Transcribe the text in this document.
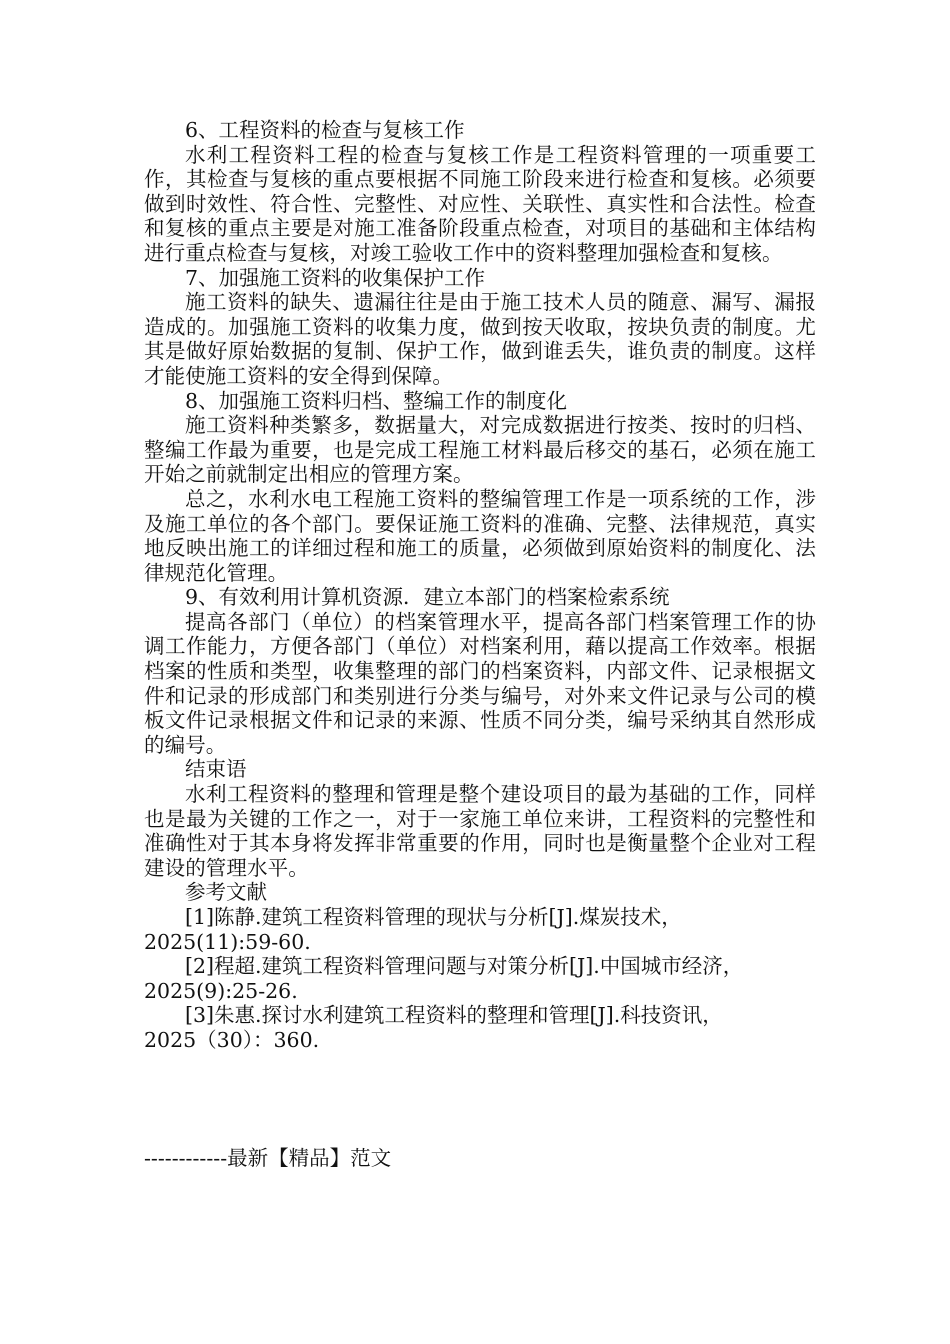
6、工程资料的检查与复核工作

水利工程资料工程的检查与复核工作是工程资料管理的一项重要工作，其检查与复核的重点要根据不同施工阶段来进行检查和复核。必须要做到时效性、符合性、完整性、对应性、关联性、真实性和合法性。检查和复核的重点主要是对施工准备阶段重点检查，对项目的基础和主体结构进行重点检查与复核，对竣工验收工作中的资料整理加强检查和复核。

7、加强施工资料的收集保护工作

施工资料的缺失、遗漏往往是由于施工技术人员的随意、漏写、漏报造成的。加强施工资料的收集力度，做到按天收取，按块负责的制度。尤其是做好原始数据的复制、保护工作，做到谁丢失，谁负责的制度。这样才能使施工资料的安全得到保障。

8、加强施工资料归档、整编工作的制度化

施工资料种类繁多，数据量大，对完成数据进行按类、按时的归档、整编工作最为重要，也是完成工程施工材料最后移交的基石，必须在施工开始之前就制定出相应的管理方案。

总之，水利水电工程施工资料的整编管理工作是一项系统的工作，涉及施工单位的各个部门。要保证施工资料的准确、完整、法律规范，真实地反映出施工的详细过程和施工的质量，必须做到原始资料的制度化、法律规范化管理。

9、有效利用计算机资源．建立本部门的档案检索系统

提高各部门（单位）的档案管理水平，提高各部门档案管理工作的协调工作能力，方便各部门（单位）对档案利用，藉以提高工作效率。根据档案的性质和类型，收集整理的部门的档案资料，内部文件、记录根据文件和记录的形成部门和类别进行分类与编号，对外来文件记录与公司的模板文件记录根据文件和记录的来源、性质不同分类，编号采纳其自然形成的编号。

结束语

水利工程资料的整理和管理是整个建设项目的最为基础的工作，同样也是最为关键的工作之一，对于一家施工单位来讲，工程资料的完整性和准确性对于其本身将发挥非常重要的作用，同时也是衡量整个企业对工程建设的管理水平。

参考文献

[1]陈静.建筑工程资料管理的现状与分析[J].煤炭技术，

2025(11):59-60.

[2]程超.建筑工程资料管理问题与对策分析[J].中国城市经济，

2025(9):25-26.

[3]朱惠.探讨水利建筑工程资料的整理和管理[J].科技资讯，

2025（30）：360.
------------最新【精品】范文
